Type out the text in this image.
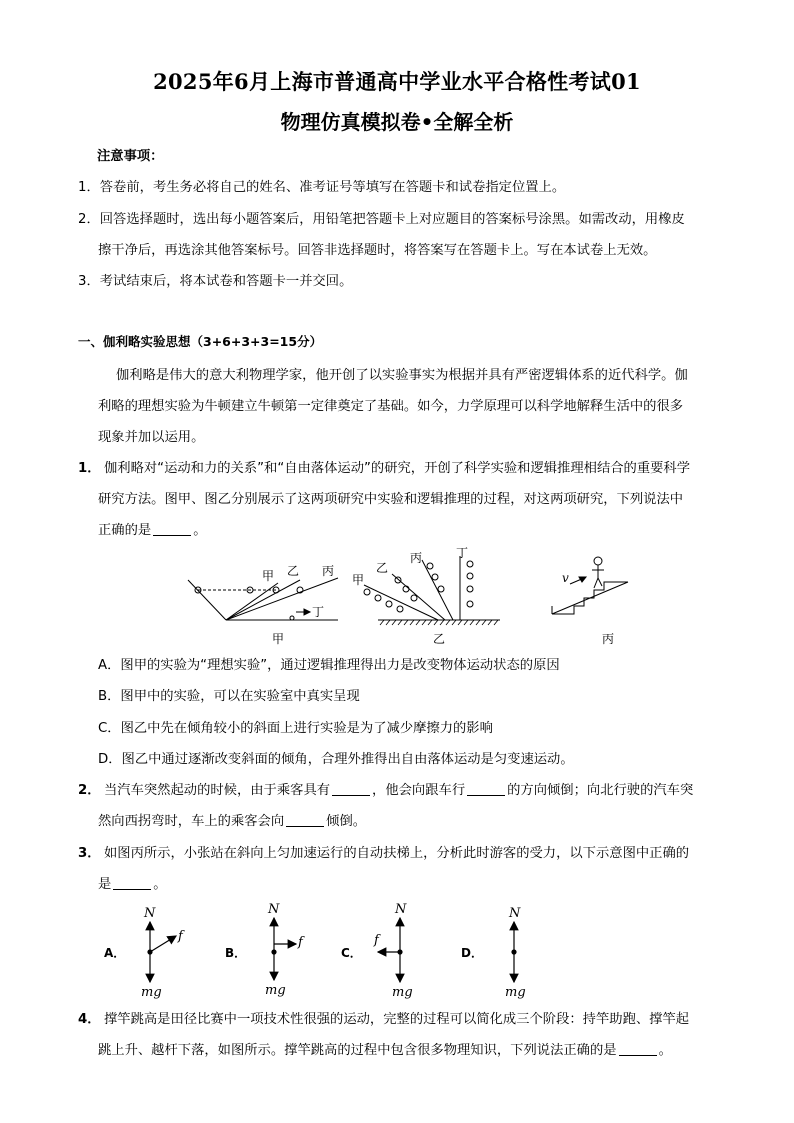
2025年6月上海市普通高中学业水平合格性考试01
物理仿真模拟卷•全解全析
注意事项：
1．答卷前，考生务必将自己的姓名、准考证号等填写在答题卡和试卷指定位置上。
2．回答选择题时，选出每小题答案后，用铅笔把答题卡上对应题目的答案标号涂黑。如需改动，用橡皮
擦干净后，再选涂其他答案标号。回答非选择题时，将答案写在答题卡上。写在本试卷上无效。
3．考试结束后，将本试卷和答题卡一并交回。
一、伽利略实验思想（3+6+3+3=15分）
伽利略是伟大的意大利物理学家，他开创了以实验事实为根据并具有严密逻辑体系的近代科学。伽
利略的理想实验为牛顿建立牛顿第一定律奠定了基础。如今，力学原理可以科学地解释生活中的很多
现象并加以运用。
1． 伽利略对“运动和力的关系”和“自由落体运动”的研究，开创了科学实验和逻辑推理相结合的重要科学
研究方法。图甲、图乙分别展示了这两项研究中实验和逻辑推理的过程，对这两项研究，下列说法中
正确的是	。
甲 乙 丙
丁
甲
甲
乙
丙	丁
乙
v
丙
A．图甲的实验为“理想实验”，通过逻辑推理得出力是改变物体运动状态的原因
B．图甲中的实验，可以在实验室中真实呈现
C．图乙中先在倾角较小的斜面上进行实验是为了减少摩擦力的影响
D．图乙中通过逐渐改变斜面的倾角，合理外推得出自由落体运动是匀变速运动。
2． 当汽车突然起动的时候，由于乘客具有	，他会向跟车行	的方向倾倒；向北行驶的汽车突
然向西拐弯时，车上的乘客会向	倾倒。
3． 如图丙所示，小张站在斜向上匀加速运行的自动扶梯上，分析此时游客的受力，以下示意图中正确的
是	。
A．	B．	C．	D．
N
f
mg
N
f
mg
N
f
mg
N
mg
4． 撑竿跳高是田径比赛中一项技术性很强的运动，完整的过程可以简化成三个阶段：持竿助跑、撑竿起
跳上升、越杆下落，如图所示。撑竿跳高的过程中包含很多物理知识，下列说法正确的是	。
